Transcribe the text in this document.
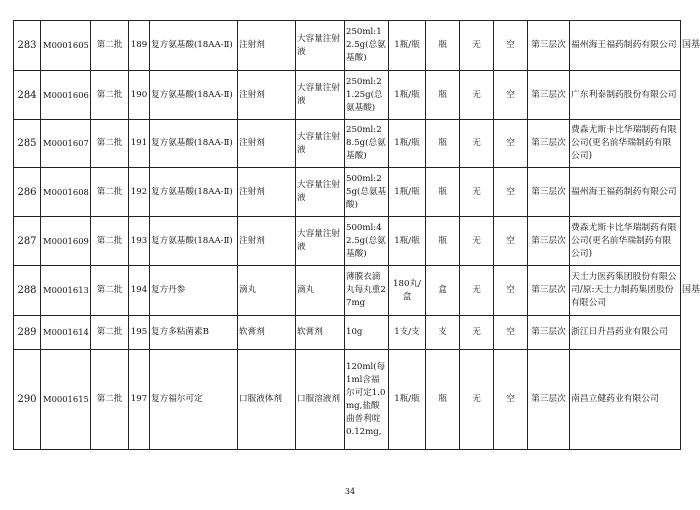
283	M0001605	第二批	189	复方氨基酸(18AA-Ⅱ)	注射剂	大容量注射液	250ml:12.5g(总氨基酸)	1瓶/瓶	瓶	无	空	第三层次	福州海王福药制药有限公司	国基
284	M0001606	第二批	190	复方氨基酸(18AA-Ⅱ)	注射剂	大容量注射液	250ml:21.25g(总氨基酸)	1瓶/瓶	瓶	无	空	第三层次	广东利泰制药股份有限公司	
285	M0001607	第二批	191	复方氨基酸(18AA-Ⅱ)	注射剂	大容量注射液	250ml:28.5g(总氨基酸)	1瓶/瓶	瓶	无	空	第三层次	费森尤斯卡比华瑞制药有限公司(更名前华瑞制药有限公司)	
286	M0001608	第二批	192	复方氨基酸(18AA-Ⅱ)	注射剂	大容量注射液	500ml:25g(总氨基酸)	1瓶/瓶	瓶	无	空	第三层次	福州海王福药制药有限公司	
287	M0001609	第二批	193	复方氨基酸(18AA-Ⅱ)	注射剂	大容量注射液	500ml:42.5g(总氨基酸)	1瓶/瓶	瓶	无	空	第三层次	费森尤斯卡比华瑞制药有限公司(更名前华瑞制药有限公司)	
288	M0001613	第二批	194	复方丹参	滴丸	滴丸	薄膜衣滴丸每丸重27mg	180丸/盒	盒	无	空	第三层次	天士力医药集团股份有限公司/原:天士力制药集团股份有限公司	国基
289	M0001614	第二批	195	复方多粘菌素B	软膏剂	软膏剂	10g	1支/支	支	无	空	第三层次	浙江日升昌药业有限公司	
290	M0001615	第二批	197	复方福尔可定	口服液体剂	口服溶液剂	120ml(每1ml含福尔可定1.0mg,盐酸曲普利啶0.12mg,	1瓶/瓶	瓶	无	空	第三层次	南昌立健药业有限公司	
34
